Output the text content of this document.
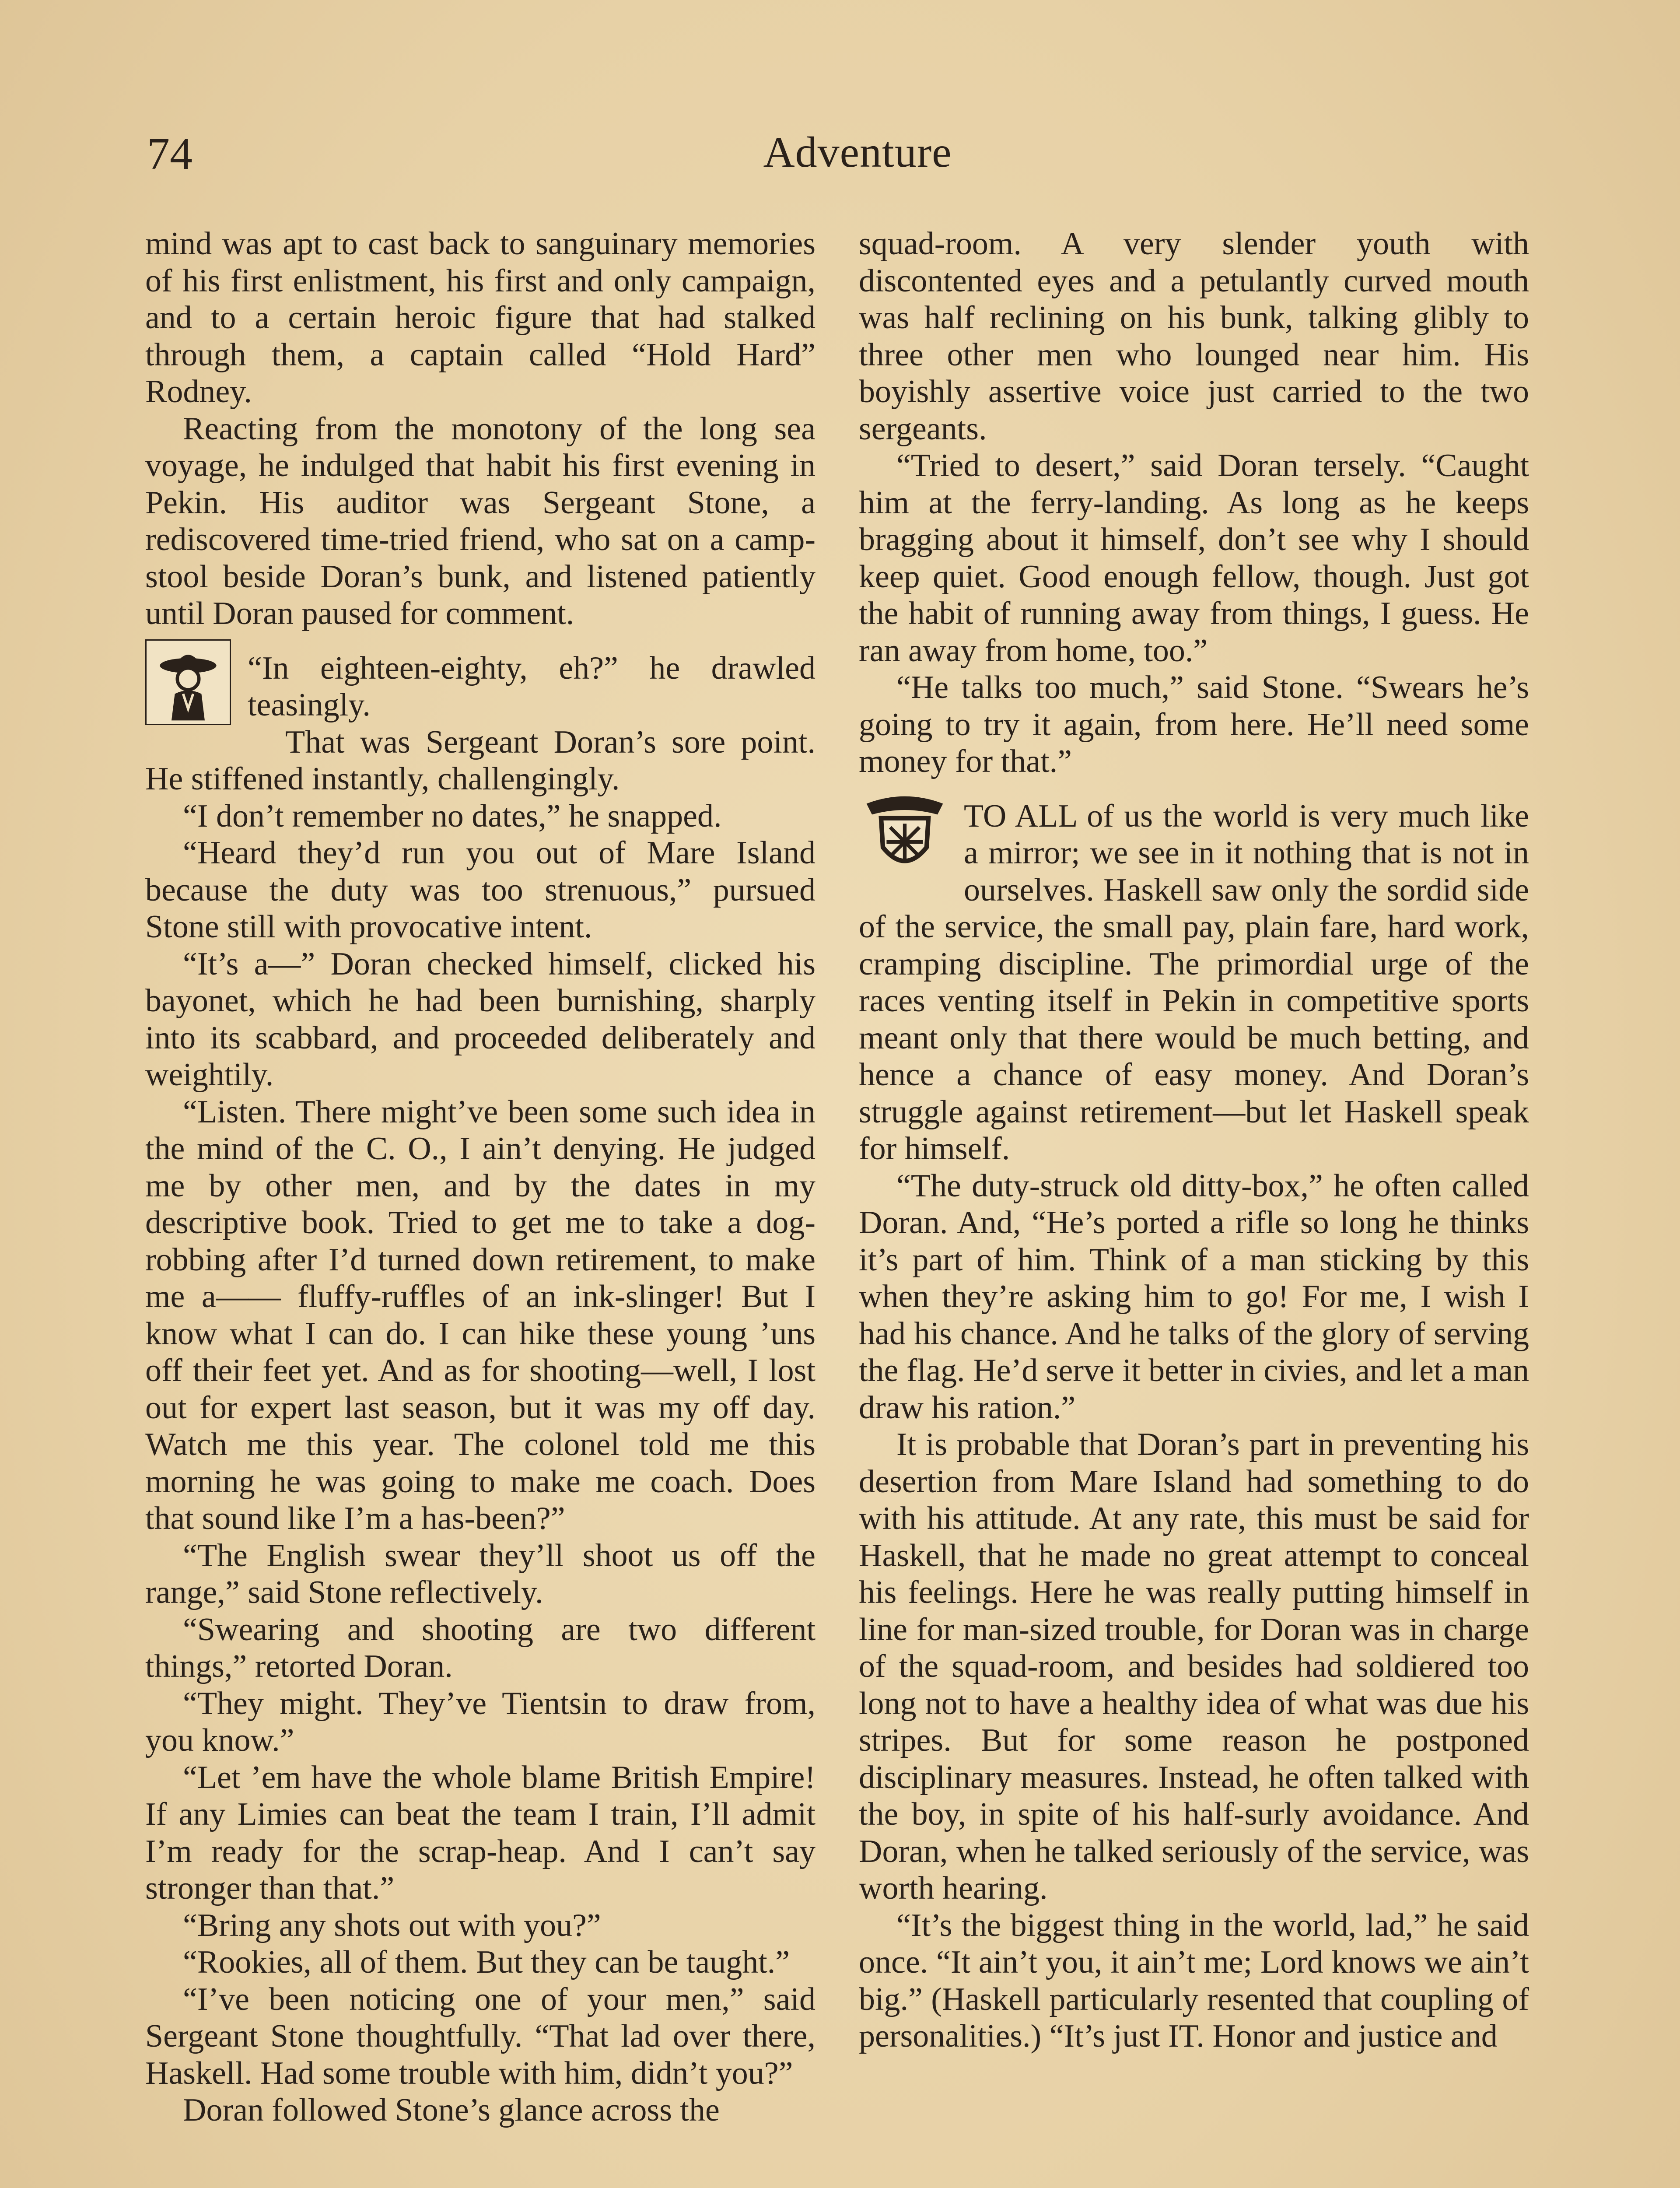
74	Adventure

mind was apt to cast back to sanguinary memories of his first enlistment, his first and only campaign, and to a certain heroic figure that had stalked through them, a captain called “Hold Hard” Rodney.

Reacting from the monotony of the long sea voyage, he indulged that habit his first evening in Pekin. His auditor was Sergeant Stone, a rediscovered time-tried friend, who sat on a camp-stool beside Doran’s bunk, and listened patiently until Doran paused for comment.

“In eighteen-eighty, eh?” he drawled teasingly.

That was Sergeant Doran’s sore point. He stiffened instantly, challengingly.

“I don’t remember no dates,” he snapped.

“Heard they’d run you out of Mare Island because the duty was too strenuous,” pursued Stone still with provocative intent.

“It’s a—” Doran checked himself, clicked his bayonet, which he had been burnishing, sharply into its scabbard, and proceeded deliberately and weightily.

“Listen. There might’ve been some such idea in the mind of the C. O., I ain’t denying. He judged me by other men, and by the dates in my descriptive book. Tried to get me to take a dog-robbing after I’d turned down retirement, to make me a—— fluffy-ruffles of an ink-slinger! But I know what I can do. I can hike these young ’uns off their feet yet. And as for shooting—well, I lost out for expert last season, but it was my off day. Watch me this year. The colonel told me this morning he was going to make me coach. Does that sound like I’m a has-been?”

“The English swear they’ll shoot us off the range,” said Stone reflectively.

“Swearing and shooting are two different things,” retorted Doran.

“They might. They’ve Tientsin to draw from, you know.”

“Let ’em have the whole blame British Empire! If any Limies can beat the team I train, I’ll admit I’m ready for the scrap-heap. And I can’t say stronger than that.”

“Bring any shots out with you?”

“Rookies, all of them. But they can be taught.”

“I’ve been noticing one of your men,” said Sergeant Stone thoughtfully. “That lad over there, Haskell. Had some trouble with him, didn’t you?”

Doran followed Stone’s glance across the

squad-room. A very slender youth with discontented eyes and a petulantly curved mouth was half reclining on his bunk, talking glibly to three other men who lounged near him. His boyishly assertive voice just carried to the two sergeants.

“Tried to desert,” said Doran tersely. “Caught him at the ferry-landing. As long as he keeps bragging about it himself, don’t see why I should keep quiet. Good enough fellow, though. Just got the habit of running away from things, I guess. He ran away from home, too.”

“He talks too much,” said Stone. “Swears he’s going to try it again, from here. He’ll need some money for that.”

TO ALL of us the world is very much like a mirror; we see in it nothing that is not in ourselves. Haskell saw only the sordid side of the service, the small pay, plain fare, hard work, cramping discipline. The primordial urge of the races venting itself in Pekin in competitive sports meant only that there would be much betting, and hence a chance of easy money. And Doran’s struggle against retirement—but let Haskell speak for himself.

“The duty-struck old ditty-box,” he often called Doran. And, “He’s ported a rifle so long he thinks it’s part of him. Think of a man sticking by this when they’re asking him to go! For me, I wish I had his chance. And he talks of the glory of serving the flag. He’d serve it better in civies, and let a man draw his ration.”

It is probable that Doran’s part in preventing his desertion from Mare Island had something to do with his attitude. At any rate, this must be said for Haskell, that he made no great attempt to conceal his feelings. Here he was really putting himself in line for man-sized trouble, for Doran was in charge of the squad-room, and besides had soldiered too long not to have a healthy idea of what was due his stripes. But for some reason he postponed disciplinary measures. Instead, he often talked with the boy, in spite of his half-surly avoidance. And Doran, when he talked seriously of the service, was worth hearing.

“It’s the biggest thing in the world, lad,” he said once. “It ain’t you, it ain’t me; Lord knows we ain’t big.” (Haskell particularly resented that coupling of personalities.) “It’s just IT. Honor and justice and
